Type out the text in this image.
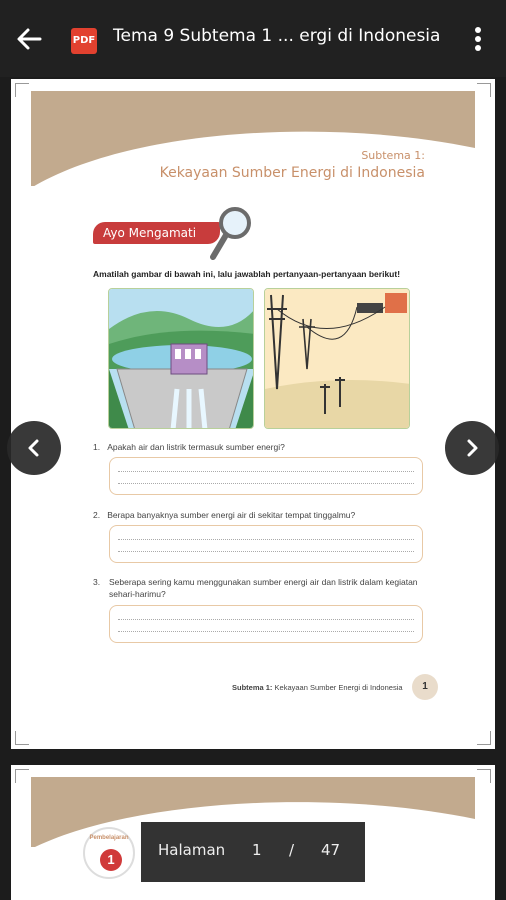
PDF Tema 9 Subtema 1 ... ergi di Indonesia
Subtema 1:
Kekayaan Sumber Energi di Indonesia
Ayo Mengamati
Amatilah gambar di bawah ini, lalu jawablah pertanyaan-pertanyaan berikut!
1. Apakah air dan listrik termasuk sumber energi?
2. Berapa banyaknya sumber energi air di sekitar tempat tinggalmu?
3. Seberapa sering kamu menggunakan sumber energi air dan listrik dalam kegiatan sehari-harimu?
Subtema 1: Kekayaan Sumber Energi di Indonesia	1
Pembelajaran
1
Halaman 1 / 47
